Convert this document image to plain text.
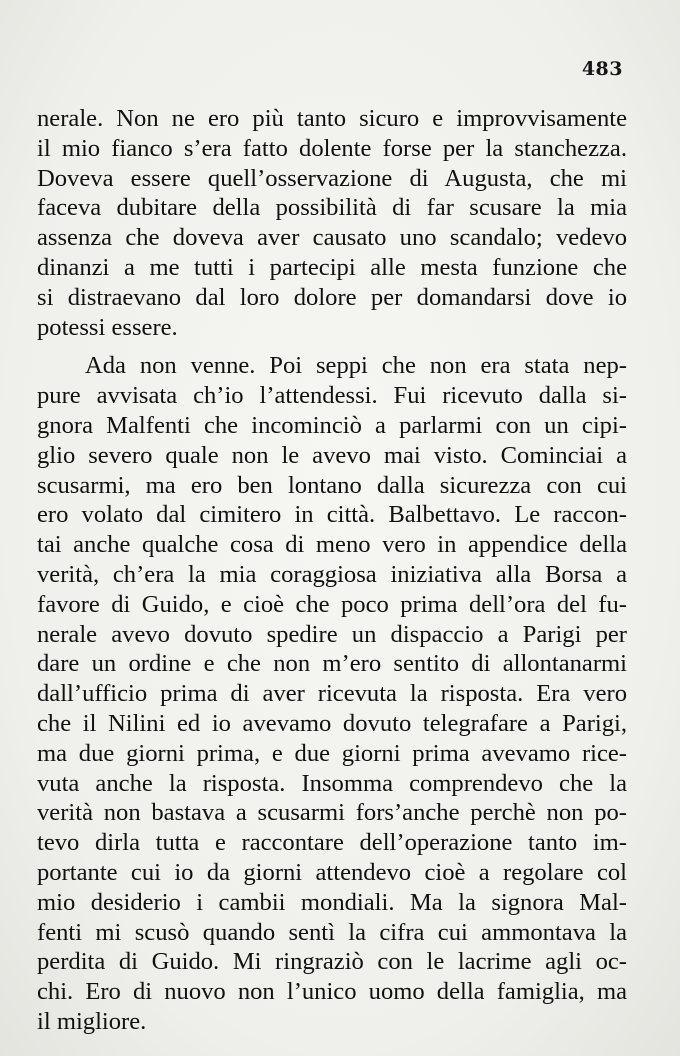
483
nerale. Non ne ero più tanto sicuro e improvvisamente
il mio fianco s’era fatto dolente forse per la stanchezza.
Doveva essere quell’osservazione di Augusta, che mi
faceva dubitare della possibilità di far scusare la mia
assenza che doveva aver causato uno scandalo; vedevo
dinanzi a me tutti i partecipi alle mesta funzione che
si distraevano dal loro dolore per domandarsi dove io
potessi essere.
Ada non venne. Poi seppi che non era stata nep-
pure avvisata ch’io l’attendessi. Fui ricevuto dalla si-
gnora Malfenti che incominciò a parlarmi con un cipi-
glio severo quale non le avevo mai visto. Cominciai a
scusarmi, ma ero ben lontano dalla sicurezza con cui
ero volato dal cimitero in città. Balbettavo. Le raccon-
tai anche qualche cosa di meno vero in appendice della
verità, ch’era la mia coraggiosa iniziativa alla Borsa a
favore di Guido, e cioè che poco prima dell’ora del fu-
nerale avevo dovuto spedire un dispaccio a Parigi per
dare un ordine e che non m’ero sentito di allontanarmi
dall’ufficio prima di aver ricevuta la risposta. Era vero
che il Nilini ed io avevamo dovuto telegrafare a Parigi,
ma due giorni prima, e due giorni prima avevamo rice-
vuta anche la risposta. Insomma comprendevo che la
verità non bastava a scusarmi fors’anche perchè non po-
tevo dirla tutta e raccontare dell’operazione tanto im-
portante cui io da giorni attendevo cioè a regolare col
mio desiderio i cambii mondiali. Ma la signora Mal-
fenti mi scusò quando sentì la cifra cui ammontava la
perdita di Guido. Mi ringraziò con le lacrime agli oc-
chi. Ero di nuovo non l’unico uomo della famiglia, ma
il migliore.
